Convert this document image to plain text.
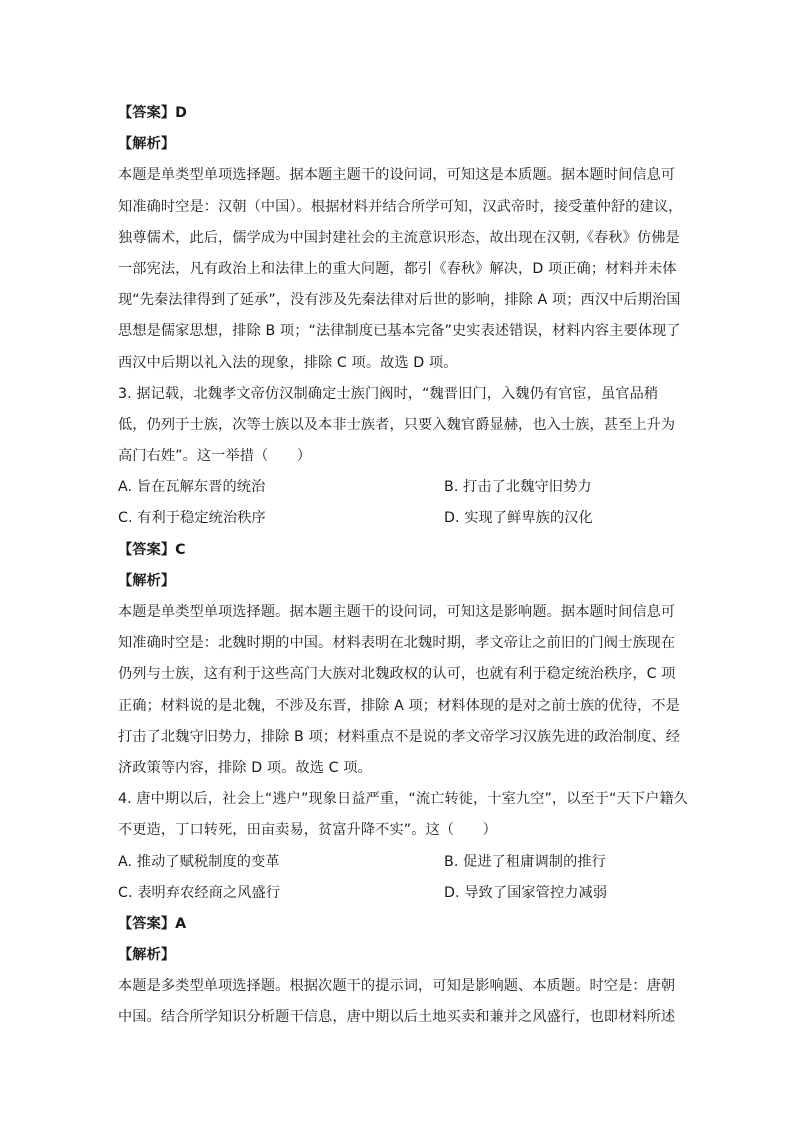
【答案】D
【解析】
本题是单类型单项选择题。据本题主题干的设问词，可知这是本质题。据本题时间信息可
知准确时空是：汉朝（中国）。根据材料并结合所学可知，汉武帝时，接受董仲舒的建议，
独尊儒术，此后，儒学成为中国封建社会的主流意识形态，故出现在汉朝,《春秋》仿佛是
一部宪法，凡有政治上和法律上的重大问题，都引《春秋》解决，D 项正确；材料并未体
现“先秦法律得到了延承”，没有涉及先秦法律对后世的影响，排除 A 项；西汉中后期治国
思想是儒家思想，排除 B 项；“法律制度已基本完备”史实表述错误，材料内容主要体现了
西汉中后期以礼入法的现象，排除 C 项。故选 D 项。
3. 据记载，北魏孝文帝仿汉制确定士族门阀时，“魏晋旧门，入魏仍有官宦，虽官品稍
低，仍列于士族，次等士族以及本非士族者，只要入魏官爵显赫，也入士族，甚至上升为
高门右姓”。这一举措（　　）
A. 旨在瓦解东晋的统治	B. 打击了北魏守旧势力
C. 有利于稳定统治秩序	D. 实现了鲜卑族的汉化
【答案】C
【解析】
本题是单类型单项选择题。据本题主题干的设问词，可知这是影响题。据本题时间信息可
知准确时空是：北魏时期的中国。材料表明在北魏时期，孝文帝让之前旧的门阀士族现在
仍列与士族，这有利于这些高门大族对北魏政权的认可，也就有利于稳定统治秩序，C 项
正确；材料说的是北魏，不涉及东晋，排除 A 项；材料体现的是对之前士族的优待，不是
打击了北魏守旧势力，排除 B 项；材料重点不是说的孝文帝学习汉族先进的政治制度、经
济政策等内容，排除 D 项。故选 C 项。
4. 唐中期以后，社会上“逃户”现象日益严重，“流亡转徙，十室九空”，以至于“天下户籍久
不更造，丁口转死，田亩卖易，贫富升降不实”。这（　　）
A. 推动了赋税制度的变革	B. 促进了租庸调制的推行
C. 表明弃农经商之风盛行	D. 导致了国家管控力减弱
【答案】A
【解析】
本题是多类型单项选择题。根据次题干的提示词，可知是影响题、本质题。时空是：唐朝
中国。结合所学知识分析题干信息，唐中期以后土地买卖和兼并之风盛行，也即材料所述
